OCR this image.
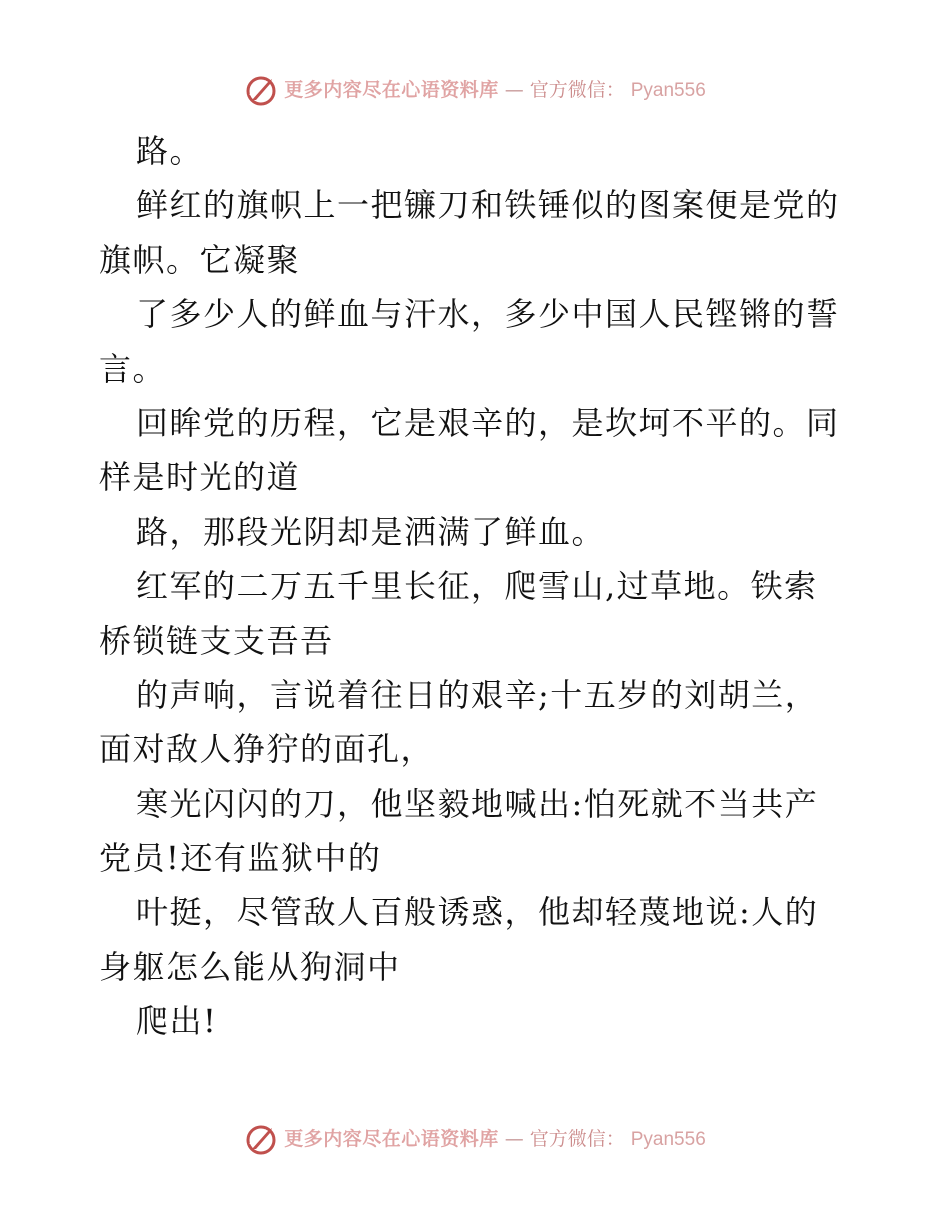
更多内容尽在心语资料库 — 官方微信： Pyan556
路。
鲜红的旗帜上一把镰刀和铁锤似的图案便是党的
旗帜。它凝聚
了多少人的鲜血与汗水，多少中国人民铿锵的誓
言。
回眸党的历程，它是艰辛的，是坎坷不平的。同
样是时光的道
路，那段光阴却是洒满了鲜血。
红军的二万五千里长征，爬雪山,过草地。铁索
桥锁链支支吾吾
的声响，言说着往日的艰辛;十五岁的刘胡兰，
面对敌人狰狞的面孔，
寒光闪闪的刀，他坚毅地喊出:怕死就不当共产
党员!还有监狱中的
叶挺，尽管敌人百般诱惑，他却轻蔑地说:人的
身躯怎么能从狗洞中
爬出!
更多内容尽在心语资料库 — 官方微信： Pyan556
